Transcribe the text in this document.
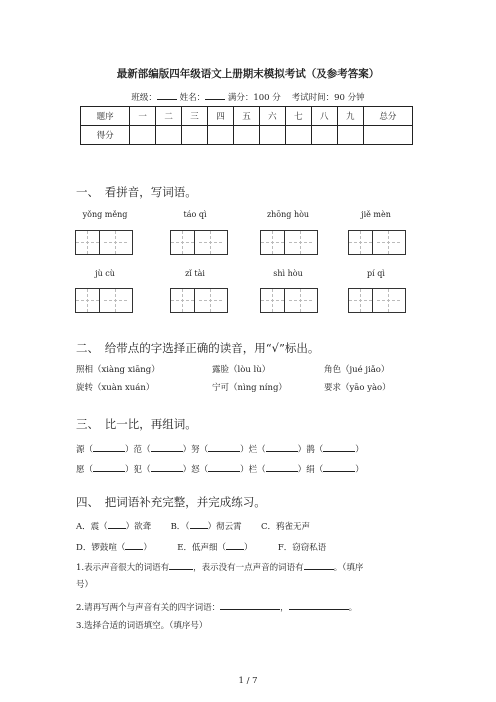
最新部编版四年级语文上册期末模拟考试（及参考答案）
班级：	姓名：	满分：100 分 考试时间：90 分钟
题序	一	二	三	四	五	六	七	八	九	总分
得分										
一、　看拼音，写词语。
yǒng měng	táo qì	zhōng hòu	jiě mèn
jù cù	zǐ tài	shì hòu	pí qì
二、　给带点的字选择正确的读音，用“√”标出。
照相（xiàng xiāng）	露脸（lòu lù）	角色（jué jiǎo）
旋转（xuàn xuán）	宁可（nìng níng）	要求（yāo yào）
三、　比一比，再组词。
源（	）范（	）努（	）烂（	）鹊（	）
愿（	）犯（	）怒（	）栏（	）绢（	）
四、　把词语补充完整，并完成练习。
A．震（ ）欲聋 B．（ ）彻云霄 C．鸦雀无声
D．锣鼓喧（ ）	E．低声细（ ）	F．窃窃私语
1.表示声音很大的词语有	，表示没有一点声音的词语有	。（填序
号）
2.请再写两个与声音有关的四字词语：	，	。
3.选择合适的词语填空。（填序号）
1 / 7
